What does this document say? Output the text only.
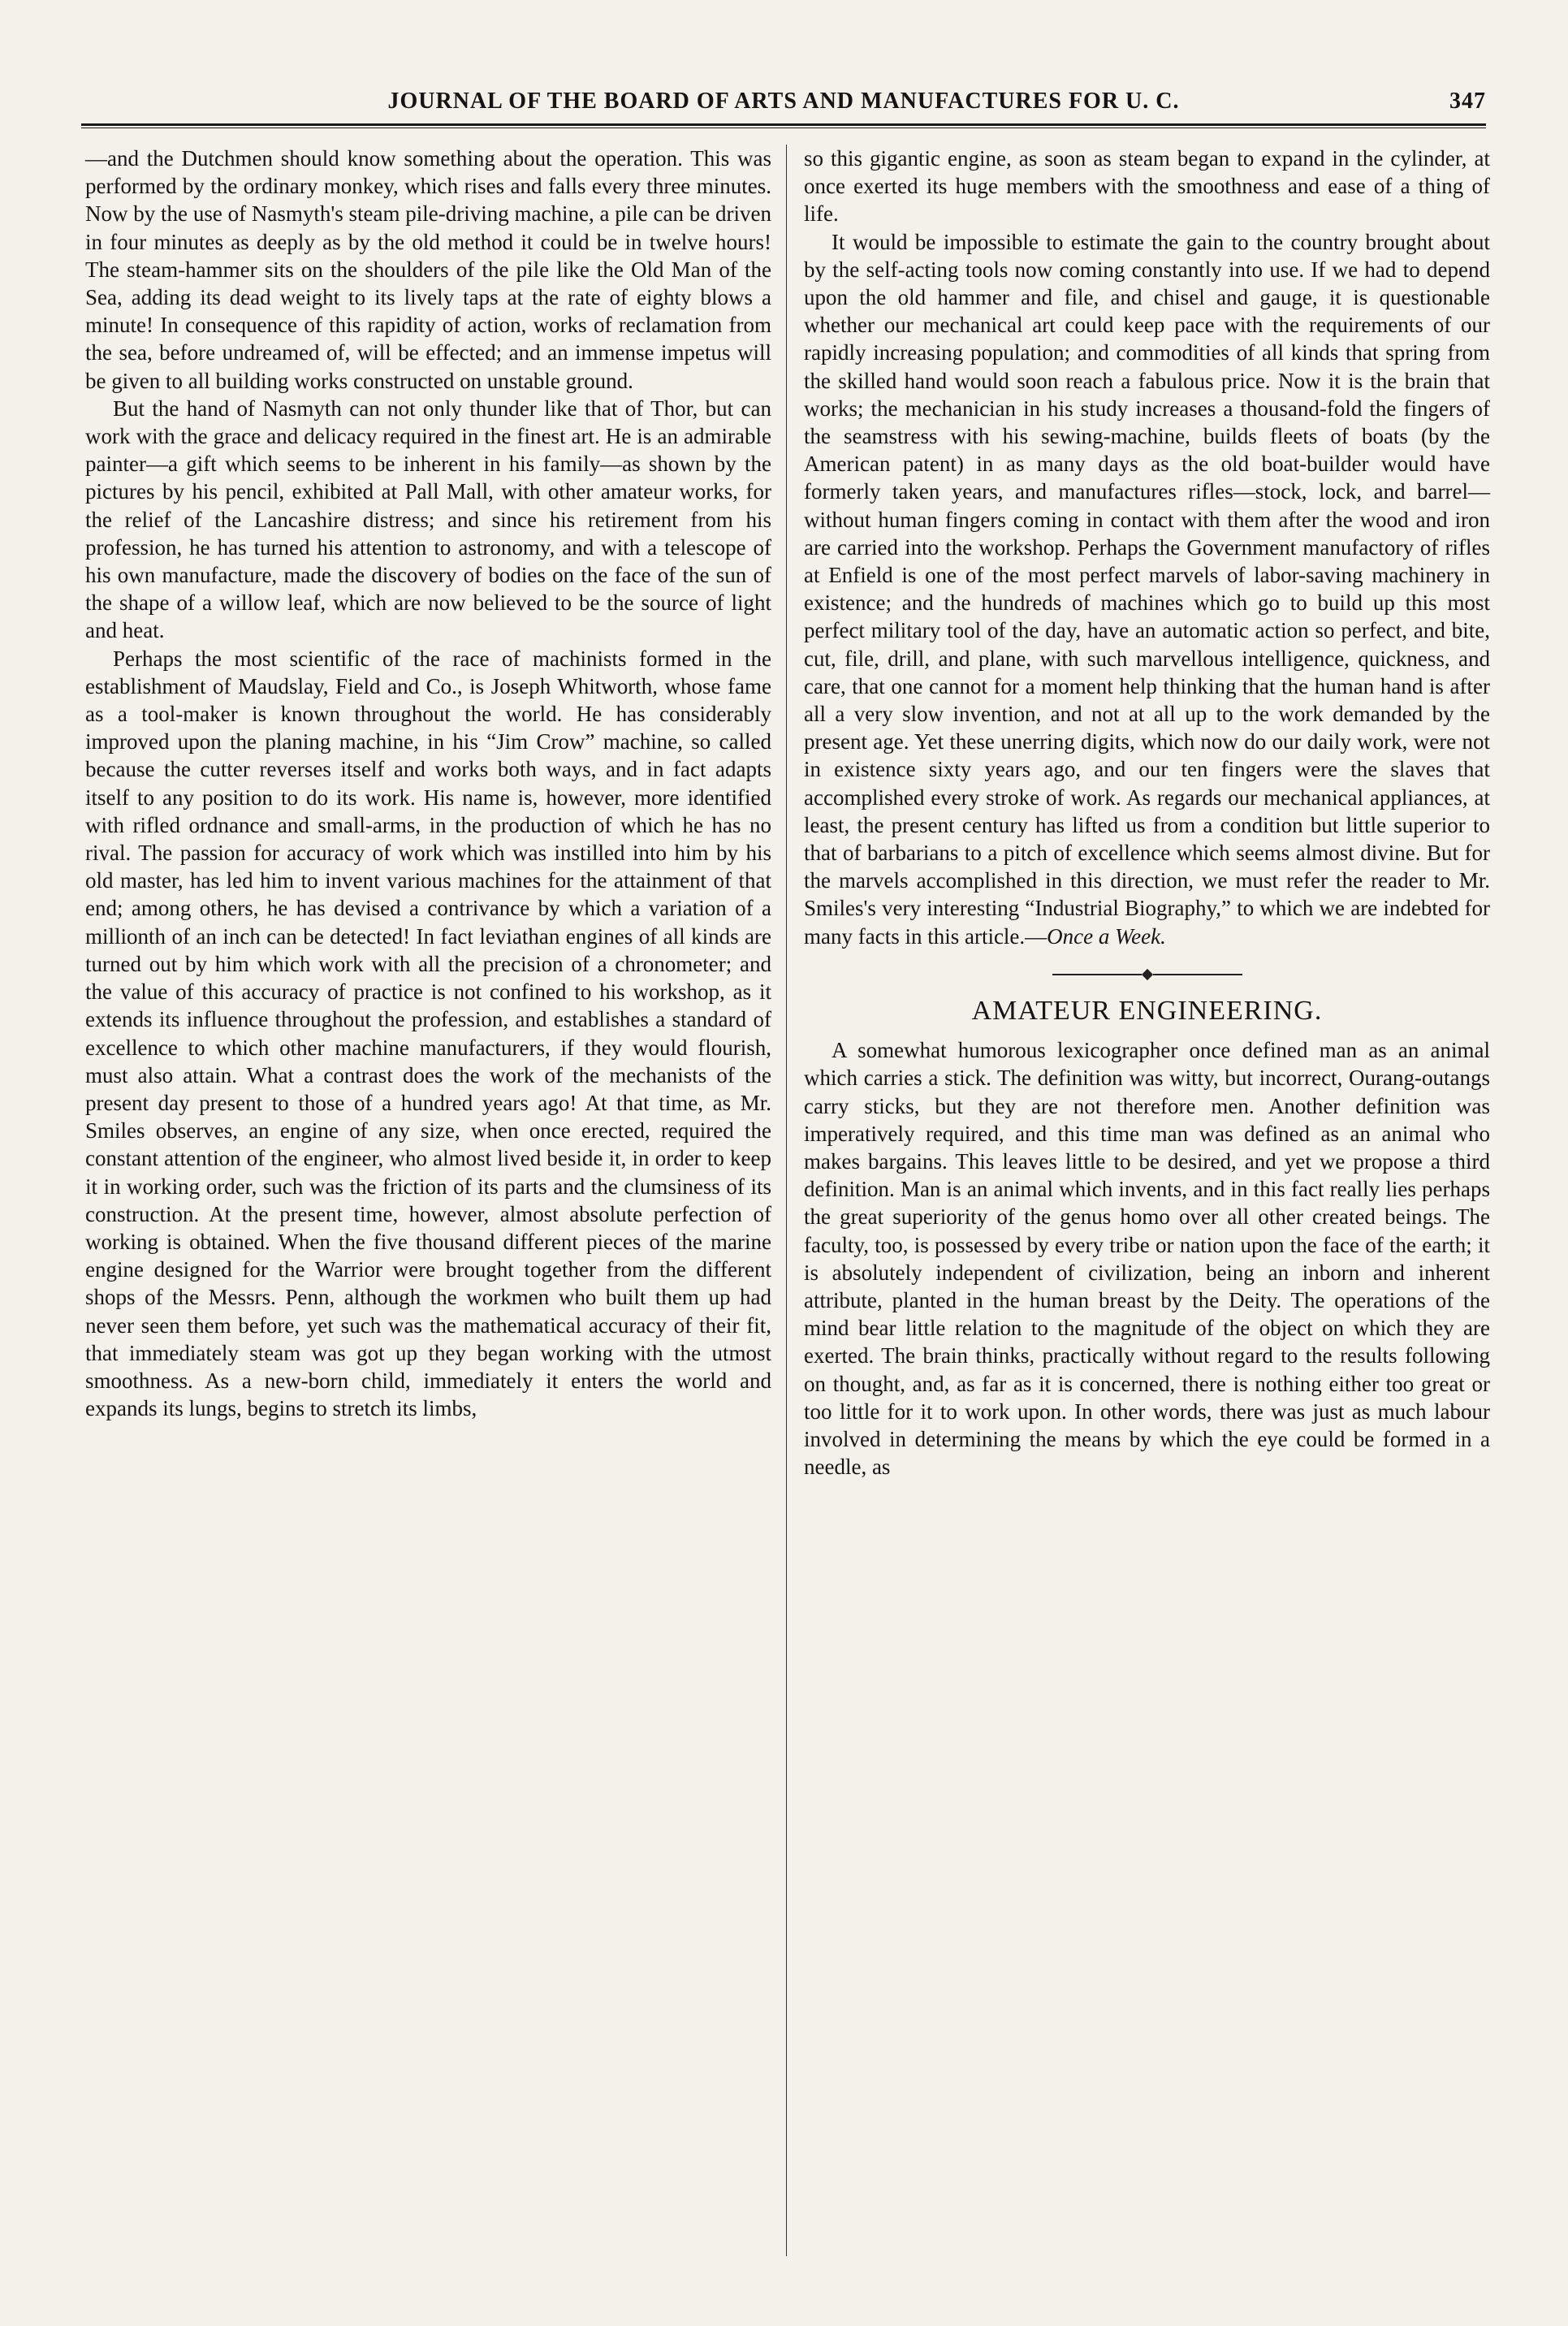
JOURNAL OF THE BOARD OF ARTS AND MANUFACTURES FOR U. C.	347

—and the Dutchmen should know something about the operation. This was performed by the ordinary monkey, which rises and falls every three minutes. Now by the use of Nasmyth's steam pile-driving machine, a pile can be driven in four minutes as deeply as by the old method it could be in twelve hours! The steam-hammer sits on the shoulders of the pile like the Old Man of the Sea, adding its dead weight to its lively taps at the rate of eighty blows a minute! In consequence of this rapidity of action, works of reclamation from the sea, before undreamed of, will be effected; and an immense impetus will be given to all building works constructed on unstable ground.

But the hand of Nasmyth can not only thunder like that of Thor, but can work with the grace and delicacy required in the finest art. He is an admirable painter—a gift which seems to be inherent in his family—as shown by the pictures by his pencil, exhibited at Pall Mall, with other amateur works, for the relief of the Lancashire distress; and since his retirement from his profession, he has turned his attention to astronomy, and with a telescope of his own manufacture, made the discovery of bodies on the face of the sun of the shape of a willow leaf, which are now believed to be the source of light and heat.

Perhaps the most scientific of the race of machinists formed in the establishment of Maudslay, Field and Co., is Joseph Whitworth, whose fame as a tool-maker is known throughout the world. He has considerably improved upon the planing machine, in his “Jim Crow” machine, so called because the cutter reverses itself and works both ways, and in fact adapts itself to any position to do its work. His name is, however, more identified with rifled ordnance and small-arms, in the production of which he has no rival. The passion for accuracy of work which was instilled into him by his old master, has led him to invent various machines for the attainment of that end; among others, he has devised a contrivance by which a variation of a millionth of an inch can be detected! In fact leviathan engines of all kinds are turned out by him which work with all the precision of a chronometer; and the value of this accuracy of practice is not confined to his workshop, as it extends its influence throughout the profession, and establishes a standard of excellence to which other machine manufacturers, if they would flourish, must also attain. What a contrast does the work of the mechanists of the present day present to those of a hundred years ago! At that time, as Mr. Smiles observes, an engine of any size, when once erected, required the constant attention of the engineer, who almost lived beside it, in order to keep it in working order, such was the friction of its parts and the clumsiness of its construction. At the present time, however, almost absolute perfection of working is obtained. When the five thousand different pieces of the marine engine designed for the Warrior were brought together from the different shops of the Messrs. Penn, although the workmen who built them up had never seen them before, yet such was the mathematical accuracy of their fit, that immediately steam was got up they began working with the utmost smoothness. As a new-born child, immediately it enters the world and expands its lungs, begins to stretch its limbs,

so this gigantic engine, as soon as steam began to expand in the cylinder, at once exerted its huge members with the smoothness and ease of a thing of life.

It would be impossible to estimate the gain to the country brought about by the self-acting tools now coming constantly into use. If we had to depend upon the old hammer and file, and chisel and gauge, it is questionable whether our mechanical art could keep pace with the requirements of our rapidly increasing population; and commodities of all kinds that spring from the skilled hand would soon reach a fabulous price. Now it is the brain that works; the mechanician in his study increases a thousand-fold the fingers of the seamstress with his sewing-machine, builds fleets of boats (by the American patent) in as many days as the old boat-builder would have formerly taken years, and manufactures rifles—stock, lock, and barrel—without human fingers coming in contact with them after the wood and iron are carried into the workshop. Perhaps the Government manufactory of rifles at Enfield is one of the most perfect marvels of labor-saving machinery in existence; and the hundreds of machines which go to build up this most perfect military tool of the day, have an automatic action so perfect, and bite, cut, file, drill, and plane, with such marvellous intelligence, quickness, and care, that one cannot for a moment help thinking that the human hand is after all a very slow invention, and not at all up to the work demanded by the present age. Yet these unerring digits, which now do our daily work, were not in existence sixty years ago, and our ten fingers were the slaves that accomplished every stroke of work. As regards our mechanical appliances, at least, the present century has lifted us from a condition but little superior to that of barbarians to a pitch of excellence which seems almost divine. But for the marvels accomplished in this direction, we must refer the reader to Mr. Smiles's very interesting “Industrial Biography,” to which we are indebted for many facts in this article.—Once a Week.

AMATEUR ENGINEERING.

A somewhat humorous lexicographer once defined man as an animal which carries a stick. The definition was witty, but incorrect, Ourang-outangs carry sticks, but they are not therefore men. Another definition was imperatively required, and this time man was defined as an animal who makes bargains. This leaves little to be desired, and yet we propose a third definition. Man is an animal which invents, and in this fact really lies perhaps the great superiority of the genus homo over all other created beings. The faculty, too, is possessed by every tribe or nation upon the face of the earth; it is absolutely independent of civilization, being an inborn and inherent attribute, planted in the human breast by the Deity. The operations of the mind bear little relation to the magnitude of the object on which they are exerted. The brain thinks, practically without regard to the results following on thought, and, as far as it is concerned, there is nothing either too great or too little for it to work upon. In other words, there was just as much labour involved in determining the means by which the eye could be formed in a needle, as
